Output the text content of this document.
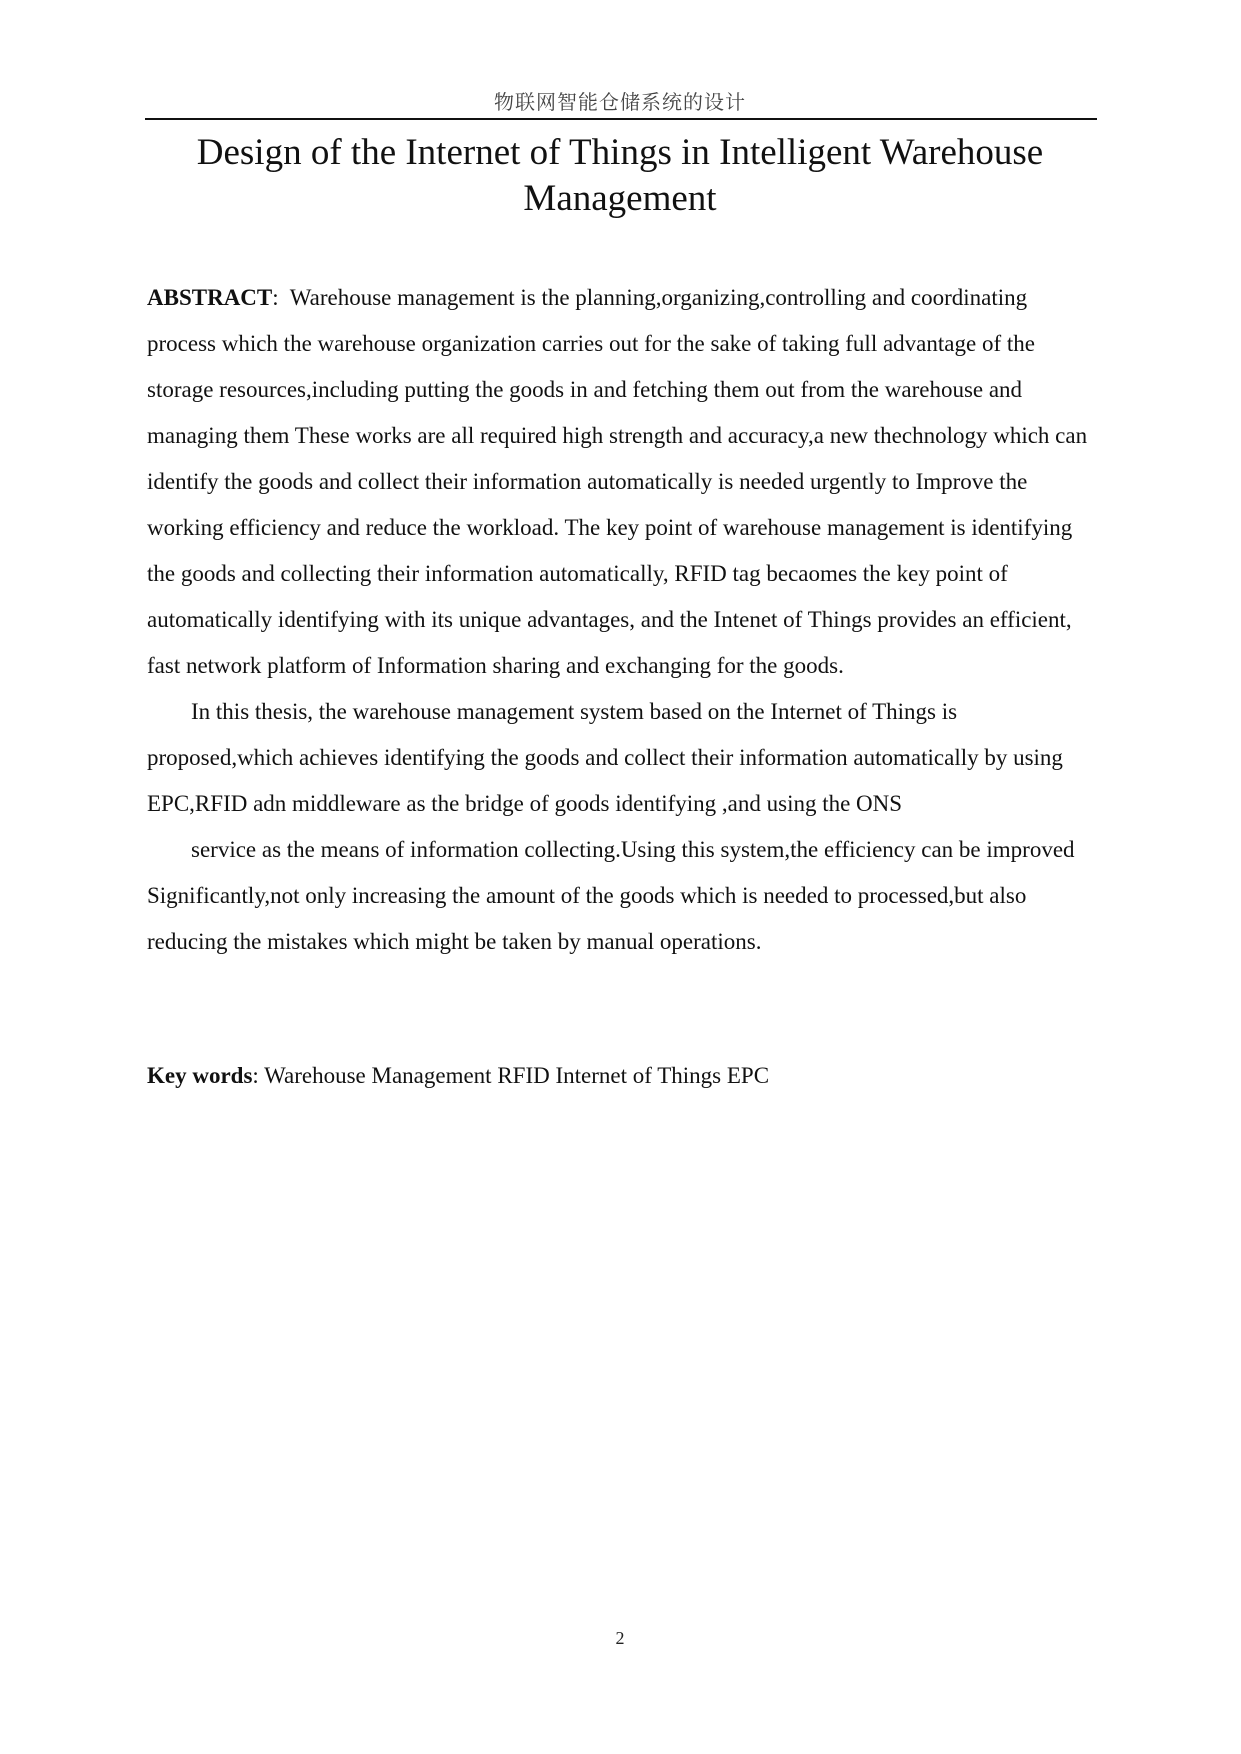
物联网智能仓储系统的设计
Design of the Internet of Things in Intelligent Warehouse
Management

ABSTRACT: Warehouse management is the planning,organizing,controlling and coordinating process which the warehouse organization carries out for the sake of taking full advantage of the storage resources,including putting the goods in and fetching them out from the warehouse and managing them These works are all required high strength and accuracy,a new thechnology which can identify the goods and collect their information automatically is needed urgently to Improve the working efficiency and reduce the workload. The key point of warehouse management is identifying the goods and collecting their information automatically, RFID tag becaomes the key point of automatically identifying with its unique advantages, and the Intenet of Things provides an efficient, fast network platform of Information sharing and exchanging for the goods.

In this thesis, the warehouse management system based on the Internet of Things is proposed,which achieves identifying the goods and collect their information automatically by using EPC,RFID adn middleware as the bridge of goods identifying ,and using the ONS

service as the means of information collecting.Using this system,the efficiency can be improved Significantly,not only increasing the amount of the goods which is needed to processed,but also reducing the mistakes which might be taken by manual operations.

Key words: Warehouse Management RFID Internet of Things EPC
2
